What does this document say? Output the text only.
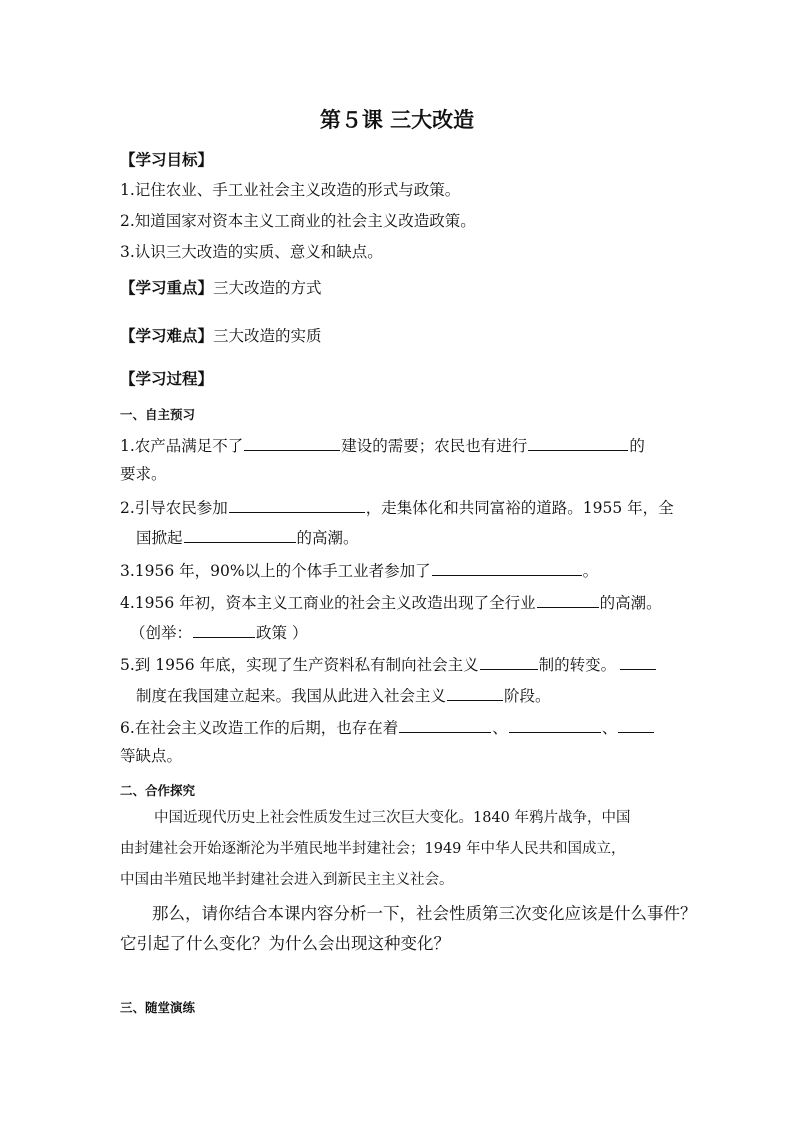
第５课 三大改造
【学习目标】
1.记住农业、手工业社会主义改造的形式与政策。
2.知道国家对资本主义工商业的社会主义改造政策。
3.认识三大改造的实质、意义和缺点。
【学习重点】三大改造的方式
【学习难点】三大改造的实质
【学习过程】
一、自主预习
1.农产品满足不了	建设的需要；农民也有进行	的
要求。
2.引导农民参加	，走集体化和共同富裕的道路。1955 年，全
国掀起	的高潮。
3.1956 年，90%以上的个体手工业者参加了	。
4.1956 年初，资本主义工商业的社会主义改造出现了全行业	的高潮。
（创举：	政策 ）
5.到 1956 年底，实现了生产资料私有制向社会主义	制的转变。
制度在我国建立起来。我国从此进入社会主义	阶段。
6.在社会主义改造工作的后期，也存在着	、	、
等缺点。
二、合作探究
中国近现代历史上社会性质发生过三次巨大变化。1840 年鸦片战争，中国
由封建社会开始逐渐沦为半殖民地半封建社会；1949 年中华人民共和国成立，
中国由半殖民地半封建社会进入到新民主主义社会。
那么，请你结合本课内容分析一下，社会性质第三次变化应该是什么事件？
它引起了什么变化？为什么会出现这种变化？
三、随堂演练
